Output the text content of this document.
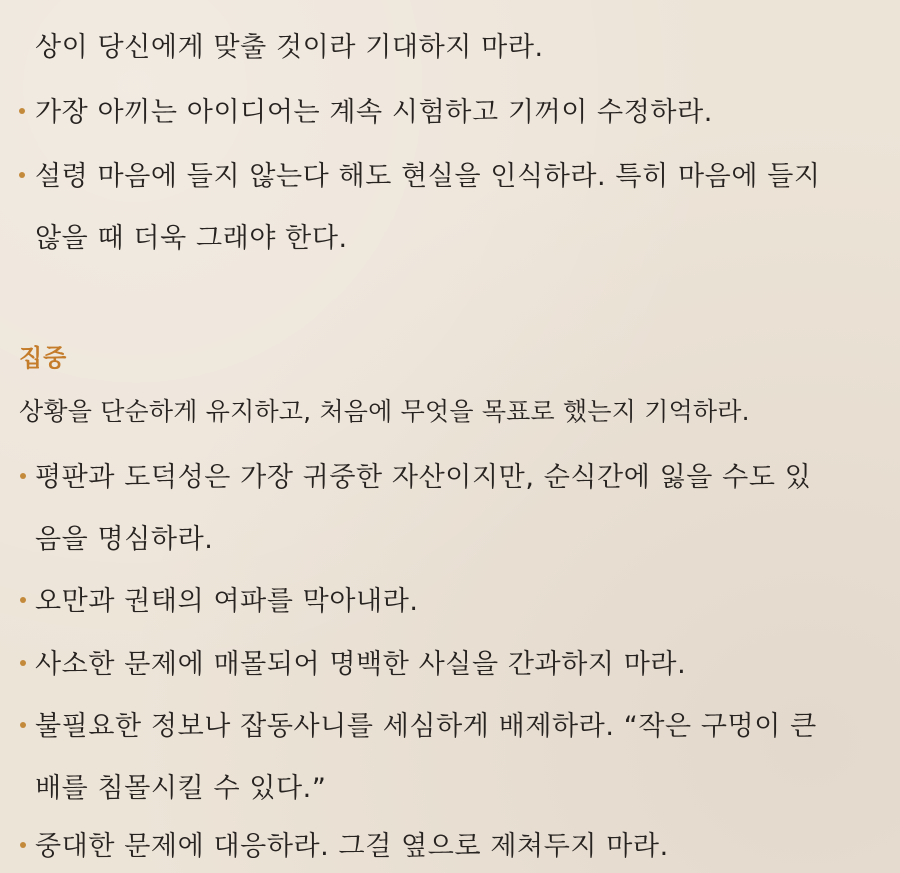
상이 당신에게 맞출 것이라 기대하지 마라.
가장 아끼는 아이디어는 계속 시험하고 기꺼이 수정하라.
설령 마음에 들지 않는다 해도 현실을 인식하라. 특히 마음에 들지
않을 때 더욱 그래야 한다.
집중
상황을 단순하게 유지하고, 처음에 무엇을 목표로 했는지 기억하라.
평판과 도덕성은 가장 귀중한 자산이지만, 순식간에 잃을 수도 있
음을 명심하라.
오만과 권태의 여파를 막아내라.
사소한 문제에 매몰되어 명백한 사실을 간과하지 마라.
불필요한 정보나 잡동사니를 세심하게 배제하라. “작은 구멍이 큰
배를 침몰시킬 수 있다.”
중대한 문제에 대응하라. 그걸 옆으로 제쳐두지 마라.
